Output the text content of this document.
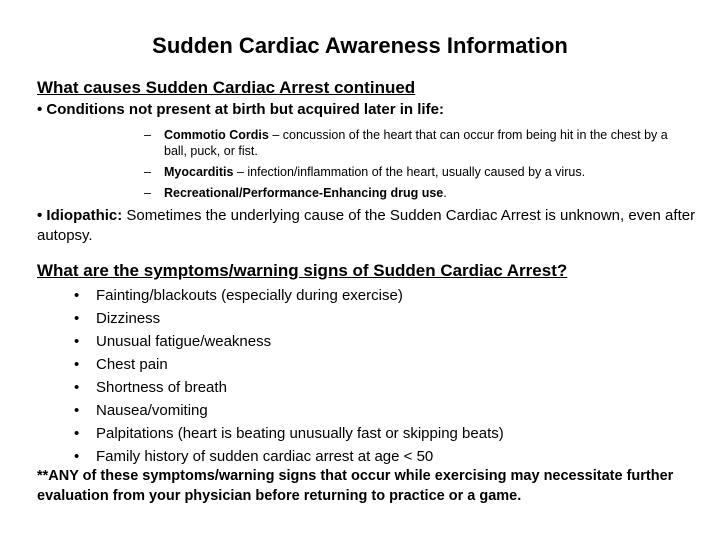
Sudden Cardiac Awareness Information
What causes Sudden Cardiac Arrest continued
• Conditions not present at birth but acquired later in life:
– Commotio Cordis – concussion of the heart that can occur from being hit in the chest by a ball, puck, or fist.
– Myocarditis – infection/inflammation of the heart, usually caused by a virus.
– Recreational/Performance-Enhancing drug use.
• Idiopathic: Sometimes the underlying cause of the Sudden Cardiac Arrest is unknown, even after autopsy.
What are the symptoms/warning signs of Sudden Cardiac Arrest?
• Fainting/blackouts (especially during exercise)
• Dizziness
• Unusual fatigue/weakness
• Chest pain
• Shortness of breath
• Nausea/vomiting
• Palpitations (heart is beating unusually fast or skipping beats)
• Family history of sudden cardiac arrest at age < 50
**ANY of these symptoms/warning signs that occur while exercising may necessitate further evaluation from your physician before returning to practice or a game.
